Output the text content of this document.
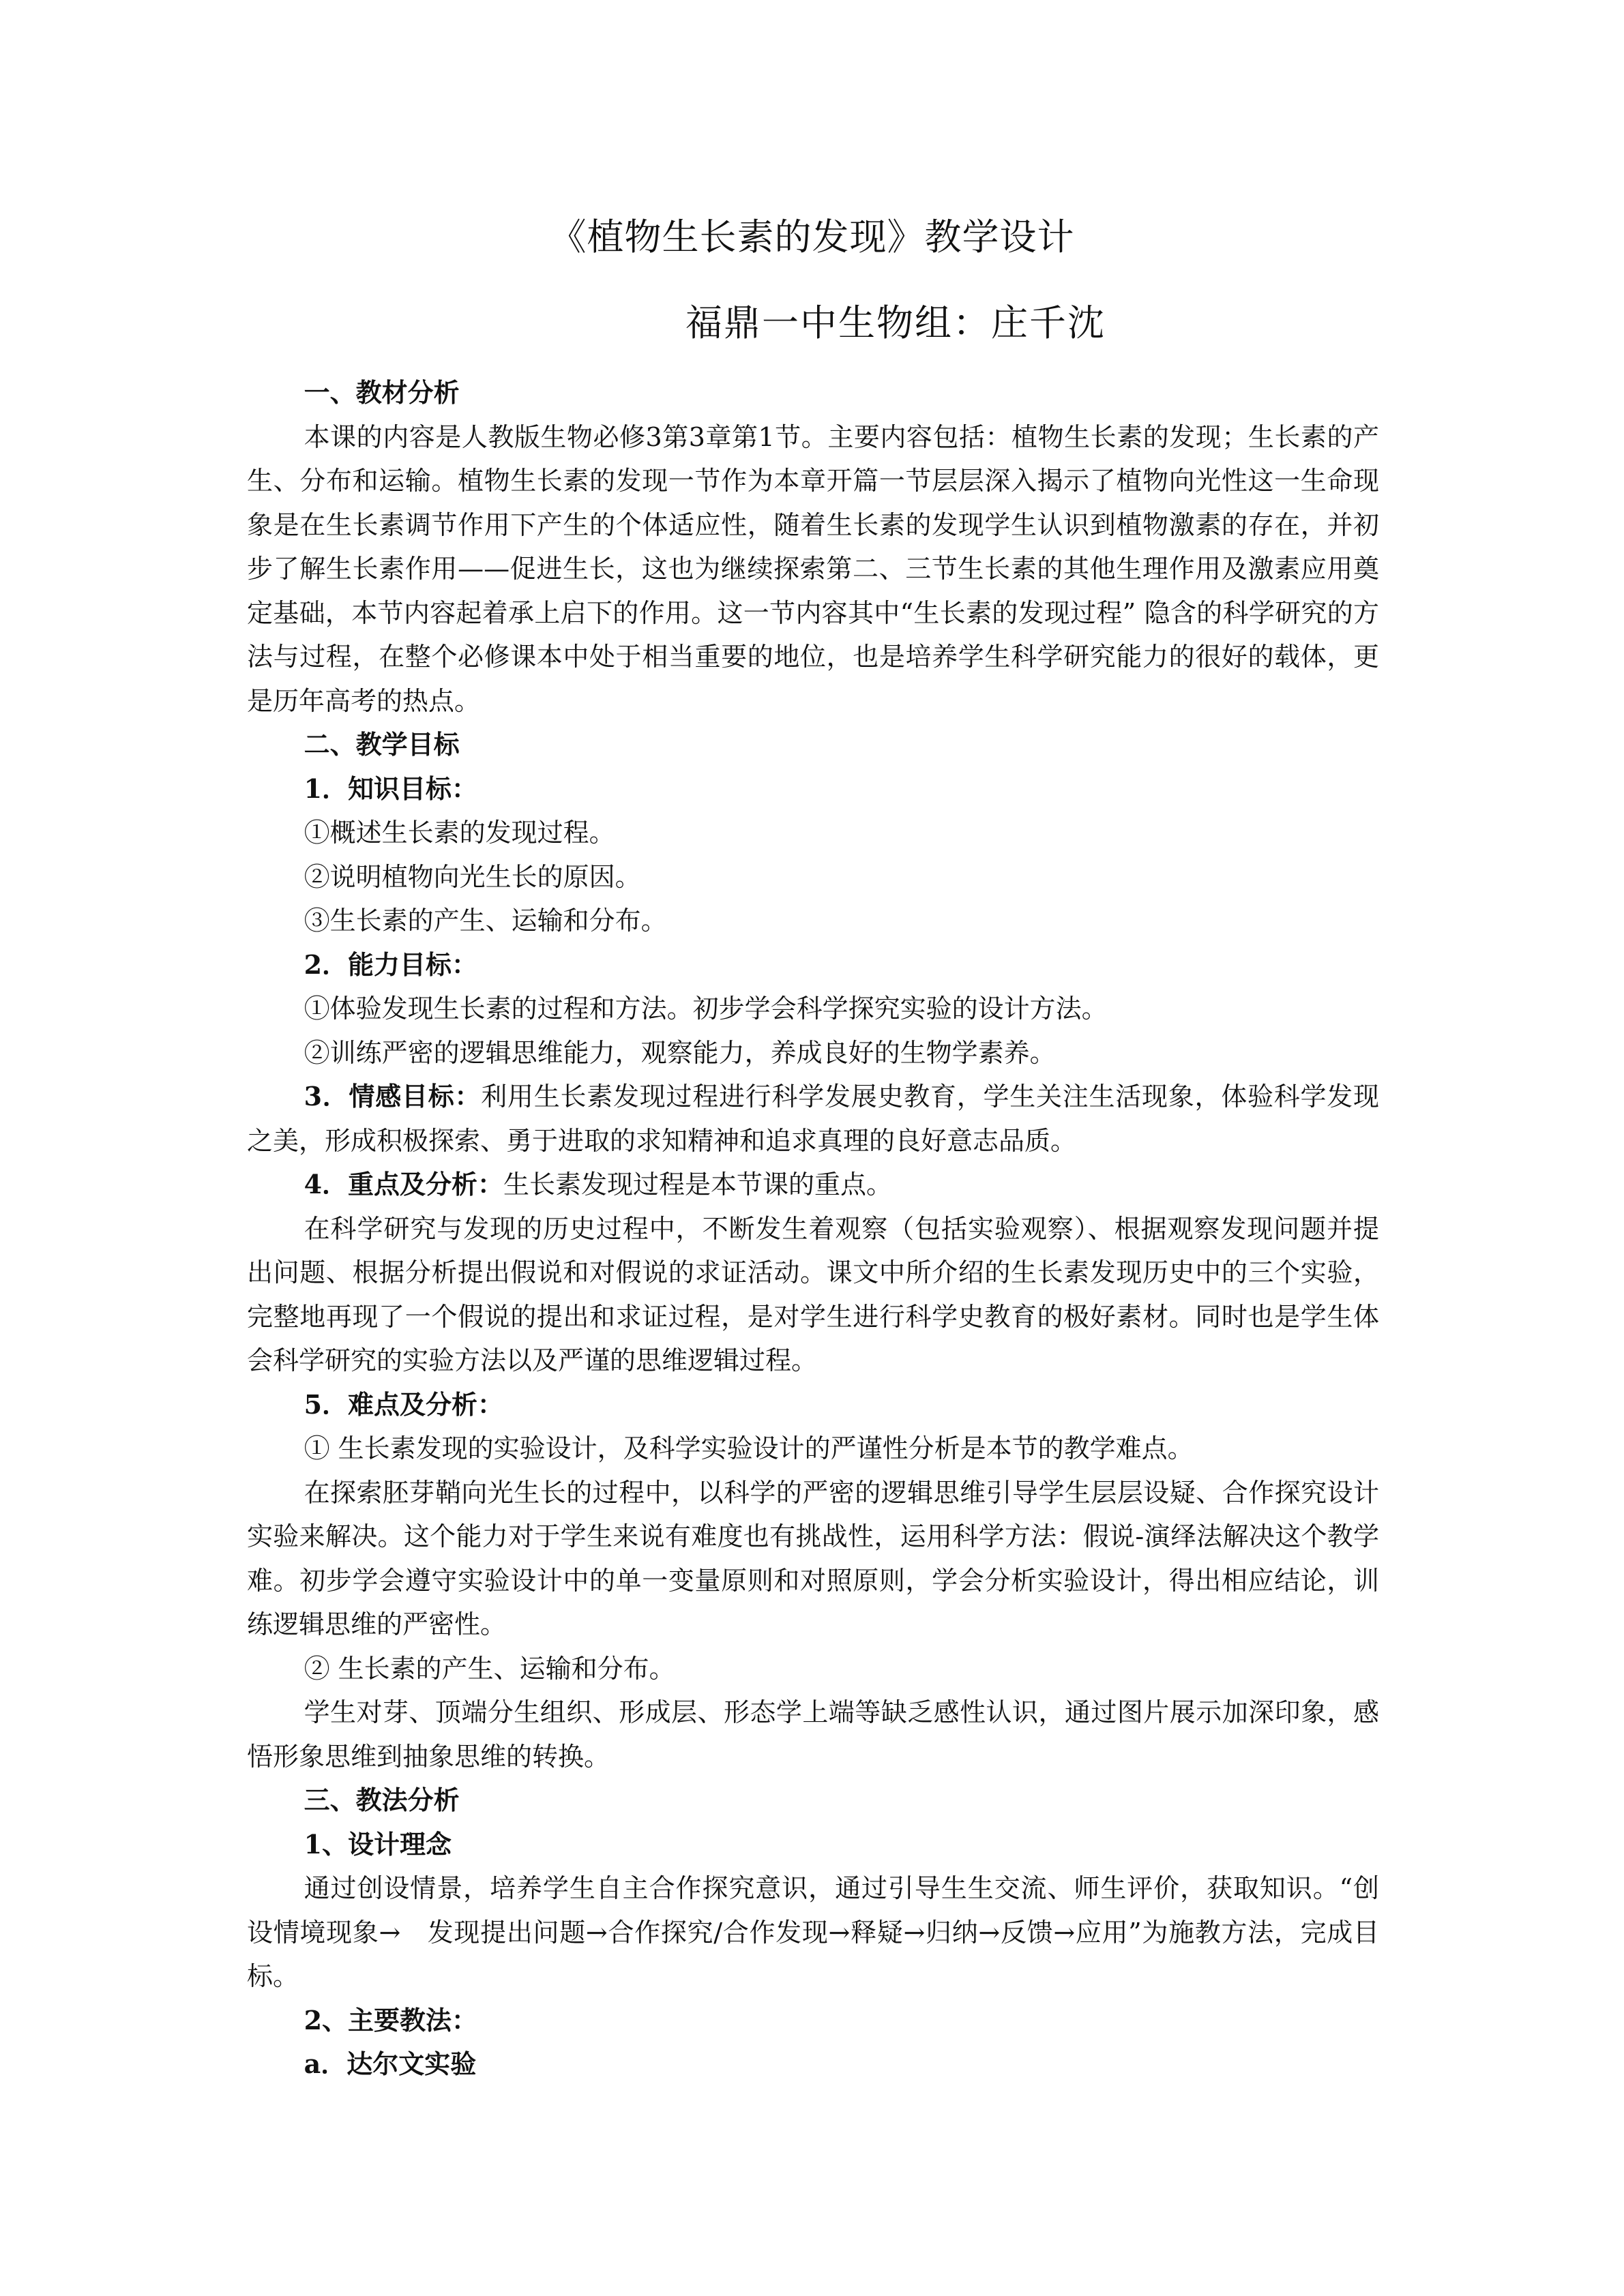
《植物生长素的发现》教学设计
福鼎一中生物组：庄千沈

一、教材分析

本课的内容是人教版生物必修3第3章第1节。主要内容包括：植物生长素的发现；生长素的产生、分布和运输。植物生长素的发现一节作为本章开篇一节层层深入揭示了植物向光性这一生命现象是在生长素调节作用下产生的个体适应性，随着生长素的发现学生认识到植物激素的存在，并初步了解生长素作用——促进生长，这也为继续探索第二、三节生长素的其他生理作用及激素应用奠定基础，本节内容起着承上启下的作用。这一节内容其中“生长素的发现过程” 隐含的科学研究的方法与过程，在整个必修课本中处于相当重要的地位，也是培养学生科学研究能力的很好的载体，更是历年高考的热点。

二、教学目标

1．知识目标：

①概述生长素的发现过程。

②说明植物向光生长的原因。

③生长素的产生、运输和分布。

2．能力目标：

①体验发现生长素的过程和方法。初步学会科学探究实验的设计方法。

②训练严密的逻辑思维能力，观察能力，养成良好的生物学素养。

3．情感目标：利用生长素发现过程进行科学发展史教育，学生关注生活现象，体验科学发现之美，形成积极探索、勇于进取的求知精神和追求真理的良好意志品质。

4．重点及分析：生长素发现过程是本节课的重点。

在科学研究与发现的历史过程中，不断发生着观察（包括实验观察）、根据观察发现问题并提出问题、根据分析提出假说和对假说的求证活动。课文中所介绍的生长素发现历史中的三个实验，完整地再现了一个假说的提出和求证过程，是对学生进行科学史教育的极好素材。同时也是学生体会科学研究的实验方法以及严谨的思维逻辑过程。

5．难点及分析：

① 生长素发现的实验设计，及科学实验设计的严谨性分析是本节的教学难点。

在探索胚芽鞘向光生长的过程中，以科学的严密的逻辑思维引导学生层层设疑、合作探究设计实验来解决。这个能力对于学生来说有难度也有挑战性，运用科学方法：假说-演绎法解决这个教学难。初步学会遵守实验设计中的单一变量原则和对照原则，学会分析实验设计，得出相应结论，训练逻辑思维的严密性。

② 生长素的产生、运输和分布。

学生对芽、顶端分生组织、形成层、形态学上端等缺乏感性认识，通过图片展示加深印象，感悟形象思维到抽象思维的转换。

三、教法分析

1、设计理念

通过创设情景，培养学生自主合作探究意识，通过引导生生交流、师生评价，获取知识。“创设情境现象→　发现提出问题→合作探究/合作发现→释疑→归纳→反馈→应用”为施教方法，完成目标。

2、主要教法：

a．达尔文实验
